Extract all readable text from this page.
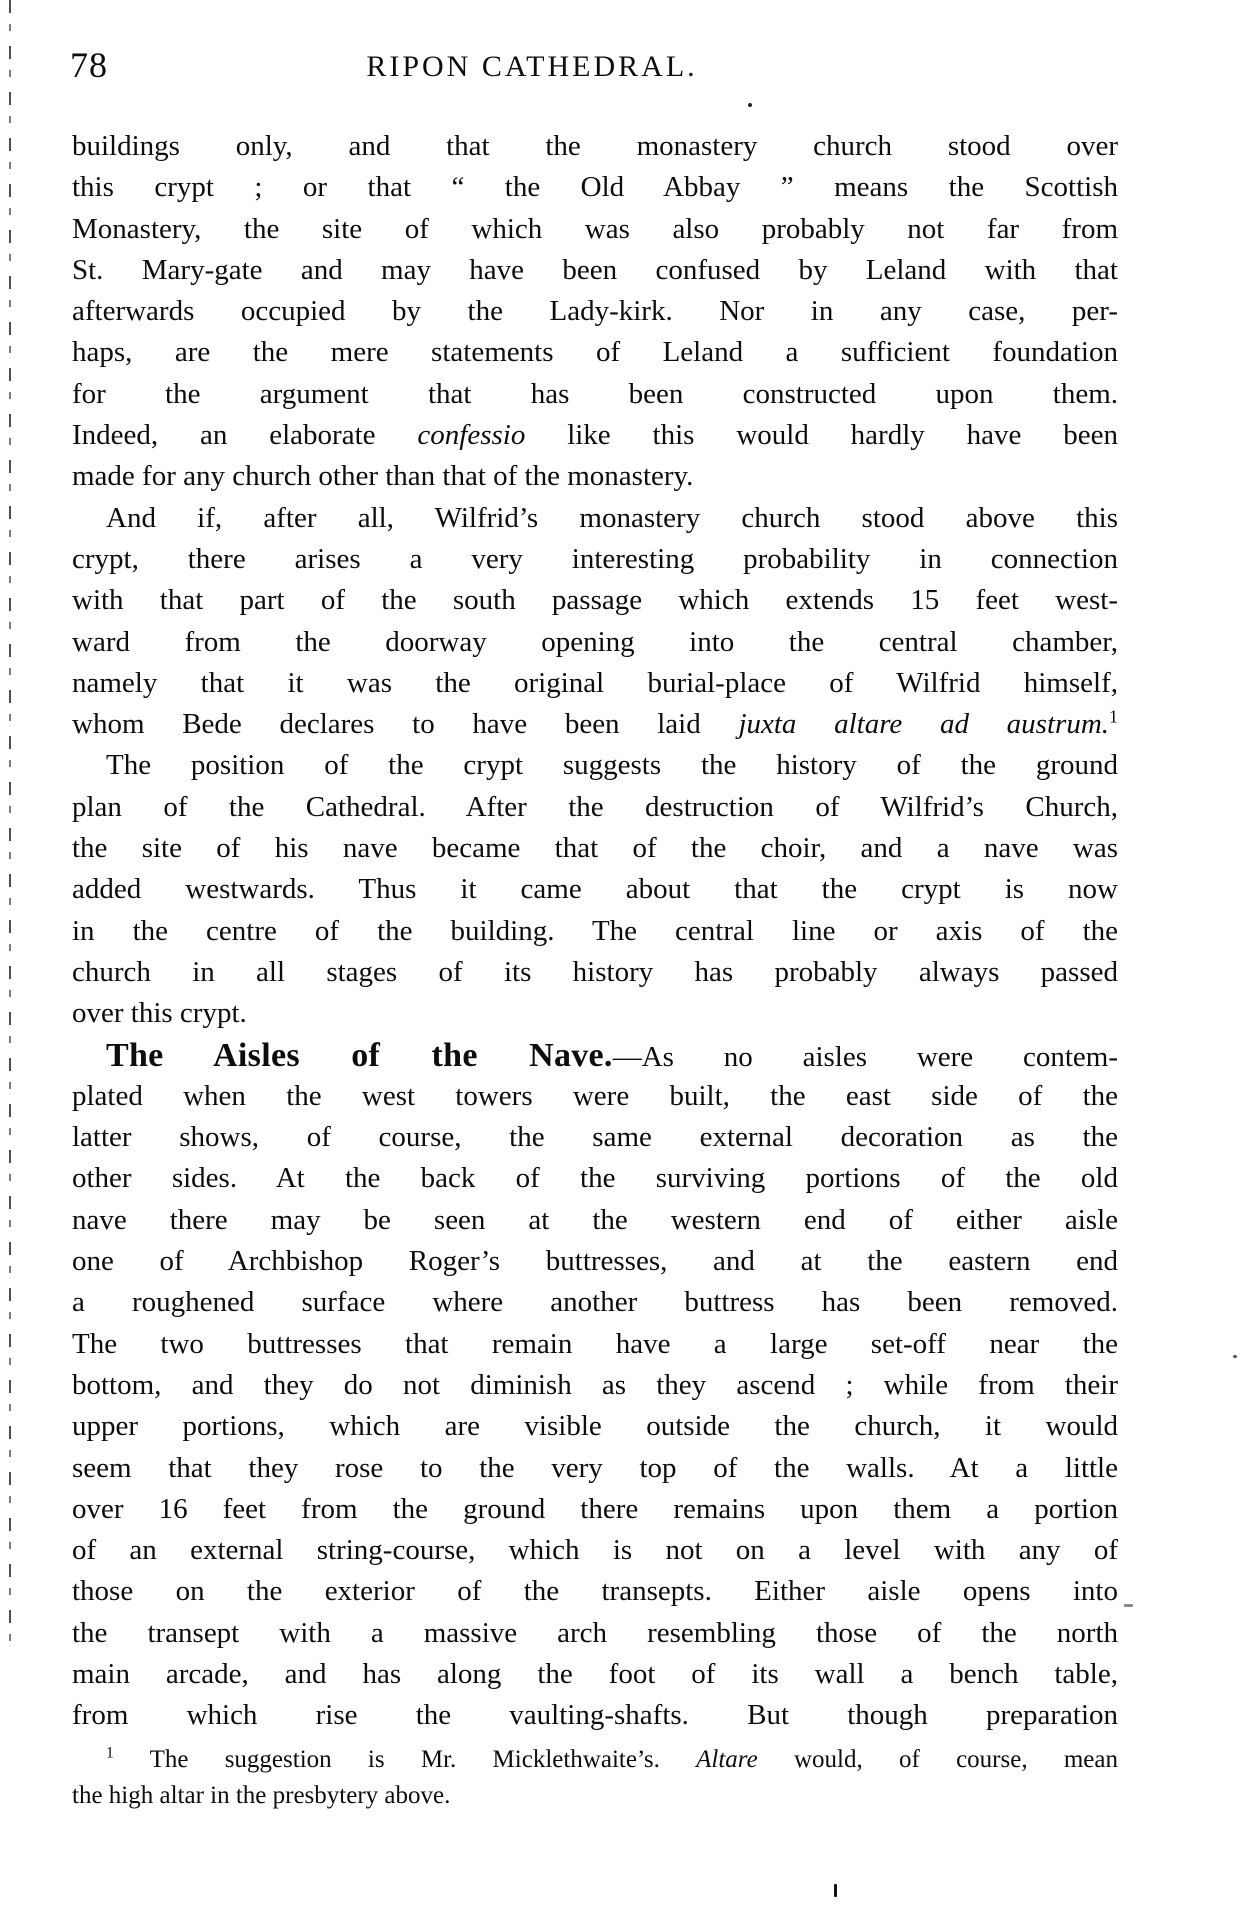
78	RIPON CATHEDRAL.
buildings only, and that the monastery church stood over
this crypt ; or that “ the Old Abbay ” means the Scottish
Monastery, the site of which was also probably not far from
St. Mary-gate and may have been confused by Leland with that
afterwards occupied by the Lady-kirk. Nor in any case, per-
haps, are the mere statements of Leland a sufficient foundation
for the argument that has been constructed upon them.
Indeed, an elaborate confessio like this would hardly have been
made for any church other than that of the monastery.
And if, after all, Wilfrid’s monastery church stood above this
crypt, there arises a very interesting probability in connection
with that part of the south passage which extends 15 feet west-
ward from the doorway opening into the central chamber,
namely that it was the original burial-place of Wilfrid himself,
whom Bede declares to have been laid juxta altare ad austrum.$^1$
The position of the crypt suggests the history of the ground
plan of the Cathedral. After the destruction of Wilfrid’s Church,
the site of his nave became that of the choir, and a nave was
added westwards. Thus it came about that the crypt is now
in the centre of the building. The central line or axis of the
church in all stages of its history has probably always passed
over this crypt.
The Aisles of the Nave.—As no aisles were contem-
plated when the west towers were built, the east side of the
latter shows, of course, the same external decoration as the
other sides. At the back of the surviving portions of the old
nave there may be seen at the western end of either aisle
one of Archbishop Roger’s buttresses, and at the eastern end
a roughened surface where another buttress has been removed.
The two buttresses that remain have a large set-off near the
bottom, and they do not diminish as they ascend ; while from their
upper portions, which are visible outside the church, it would
seem that they rose to the very top of the walls. At a little
over 16 feet from the ground there remains upon them a portion
of an external string-course, which is not on a level with any of
those on the exterior of the transepts. Either aisle opens into
the transept with a massive arch resembling those of the north
main arcade, and has along the foot of its wall a bench table,
from which rise the vaulting-shafts. But though preparation
$^1$ The suggestion is Mr. Micklethwaite’s. Altare would, of course, mean
the high altar in the presbytery above.
